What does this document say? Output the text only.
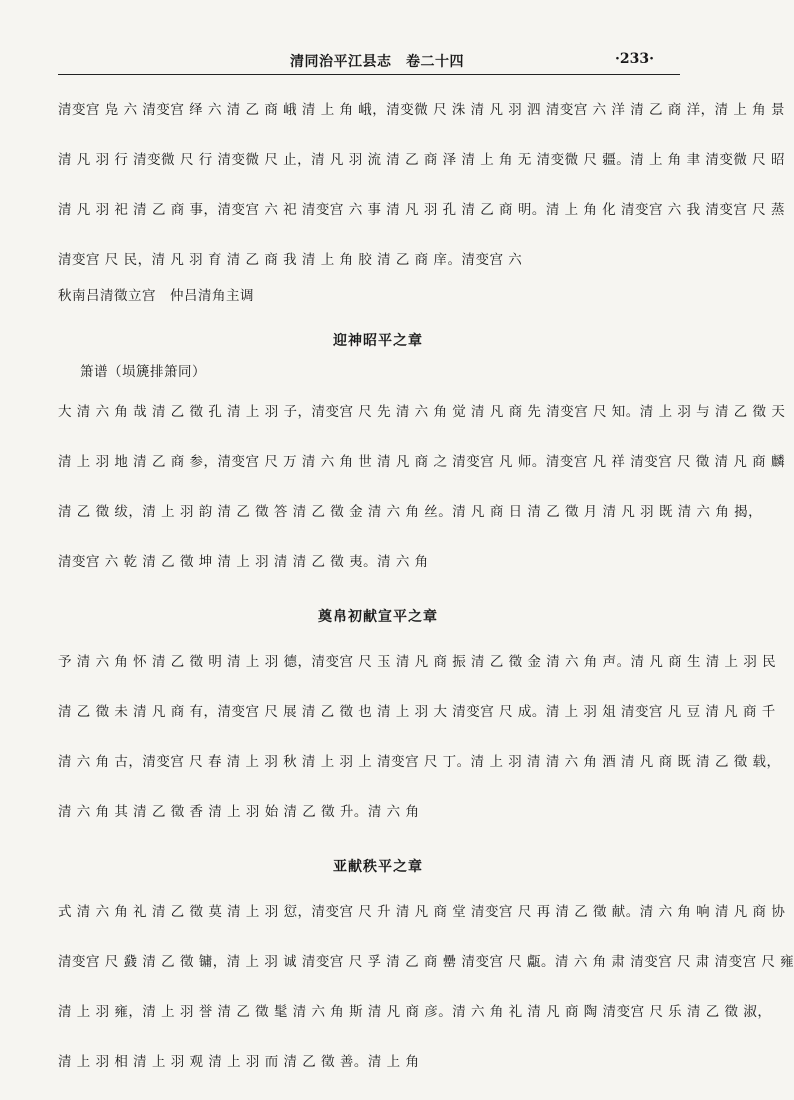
清同治平江县志　卷二十四	·233·
清变宫 凫 六 清变宫 绎 六 清 乙 商 峨 清 上 角 峨，清变微 尺 洙 清 凡 羽 泗 清变宫 六 洋 清 乙 商 洋，清 上 角 景
清 凡 羽 行 清变微 尺 行 清变微 尺 止，清 凡 羽 流 清 乙 商 泽 清 上 角 无 清变微 尺 疆。清 上 角 聿 清变微 尺 昭
清 凡 羽 祀 清 乙 商 事，清变宫 六 祀 清变宫 六 事 清 凡 羽 孔 清 乙 商 明。清 上 角 化 清变宫 六 我 清变宫 尺 蒸
清变宫 尺 民，清 凡 羽 育 清 乙 商 我 清 上 角 胶 清 乙 商 庠。清变宫 六
秋南吕清徵立宫　仲吕清角主调
迎神昭平之章
箫谱（埙篪排箫同）
大 清 六 角 哉 清 乙 徵 孔 清 上 羽 子，清变宫 尺 先 清 六 角 觉 清 凡 商 先 清变宫 尺 知。清 上 羽 与 清 乙 徵 天
清 上 羽 地 清 乙 商 参，清变宫 尺 万 清 六 角 世 清 凡 商 之 清变宫 凡 师。清变宫 凡 祥 清变宫 尺 徵 清 凡 商 麟
清 乙 徵 绂，清 上 羽 韵 清 乙 徵 答 清 乙 徵 金 清 六 角 丝。清 凡 商 日 清 乙 徵 月 清 凡 羽 既 清 六 角 揭，
清变宫 六 乾 清 乙 徵 坤 清 上 羽 清 清 乙 徵 夷。清 六 角
奠帛初献宣平之章
予 清 六 角 怀 清 乙 徵 明 清 上 羽 德，清变宫 尺 玉 清 凡 商 振 清 乙 徵 金 清 六 角 声。清 凡 商 生 清 上 羽 民
清 乙 徵 未 清 凡 商 有，清变宫 尺 展 清 乙 徵 也 清 上 羽 大 清变宫 尺 成。清 上 羽 俎 清变宫 凡 豆 清 凡 商 千
清 六 角 古，清变宫 尺 春 清 上 羽 秋 清 上 羽 上 清变宫 尺 丁。清 上 羽 清 清 六 角 酒 清 凡 商 既 清 乙 徵 载，
清 六 角 其 清 乙 徵 香 清 上 羽 始 清 乙 徵 升。清 六 角
亚献秩平之章
式 清 六 角 礼 清 乙 徵 莫 清 上 羽 愆，清变宫 尺 升 清 凡 商 堂 清变宫 尺 再 清 乙 徵 献。清 六 角 响 清 凡 商 协
清变宫 尺 鼗 清 乙 徵 镛，清 上 羽 诚 清变宫 尺 孚 清 乙 商 罍 清变宫 尺 甗。清 六 角 肃 清变宫 尺 肃 清变宫 尺 雍
清 上 羽 雍，清 上 羽 誉 清 乙 徵 髦 清 六 角 斯 清 凡 商 彦。清 六 角 礼 清 凡 商 陶 清变宫 尺 乐 清 乙 徵 淑，
清 上 羽 相 清 上 羽 观 清 上 羽 而 清 乙 徵 善。清 上 角
